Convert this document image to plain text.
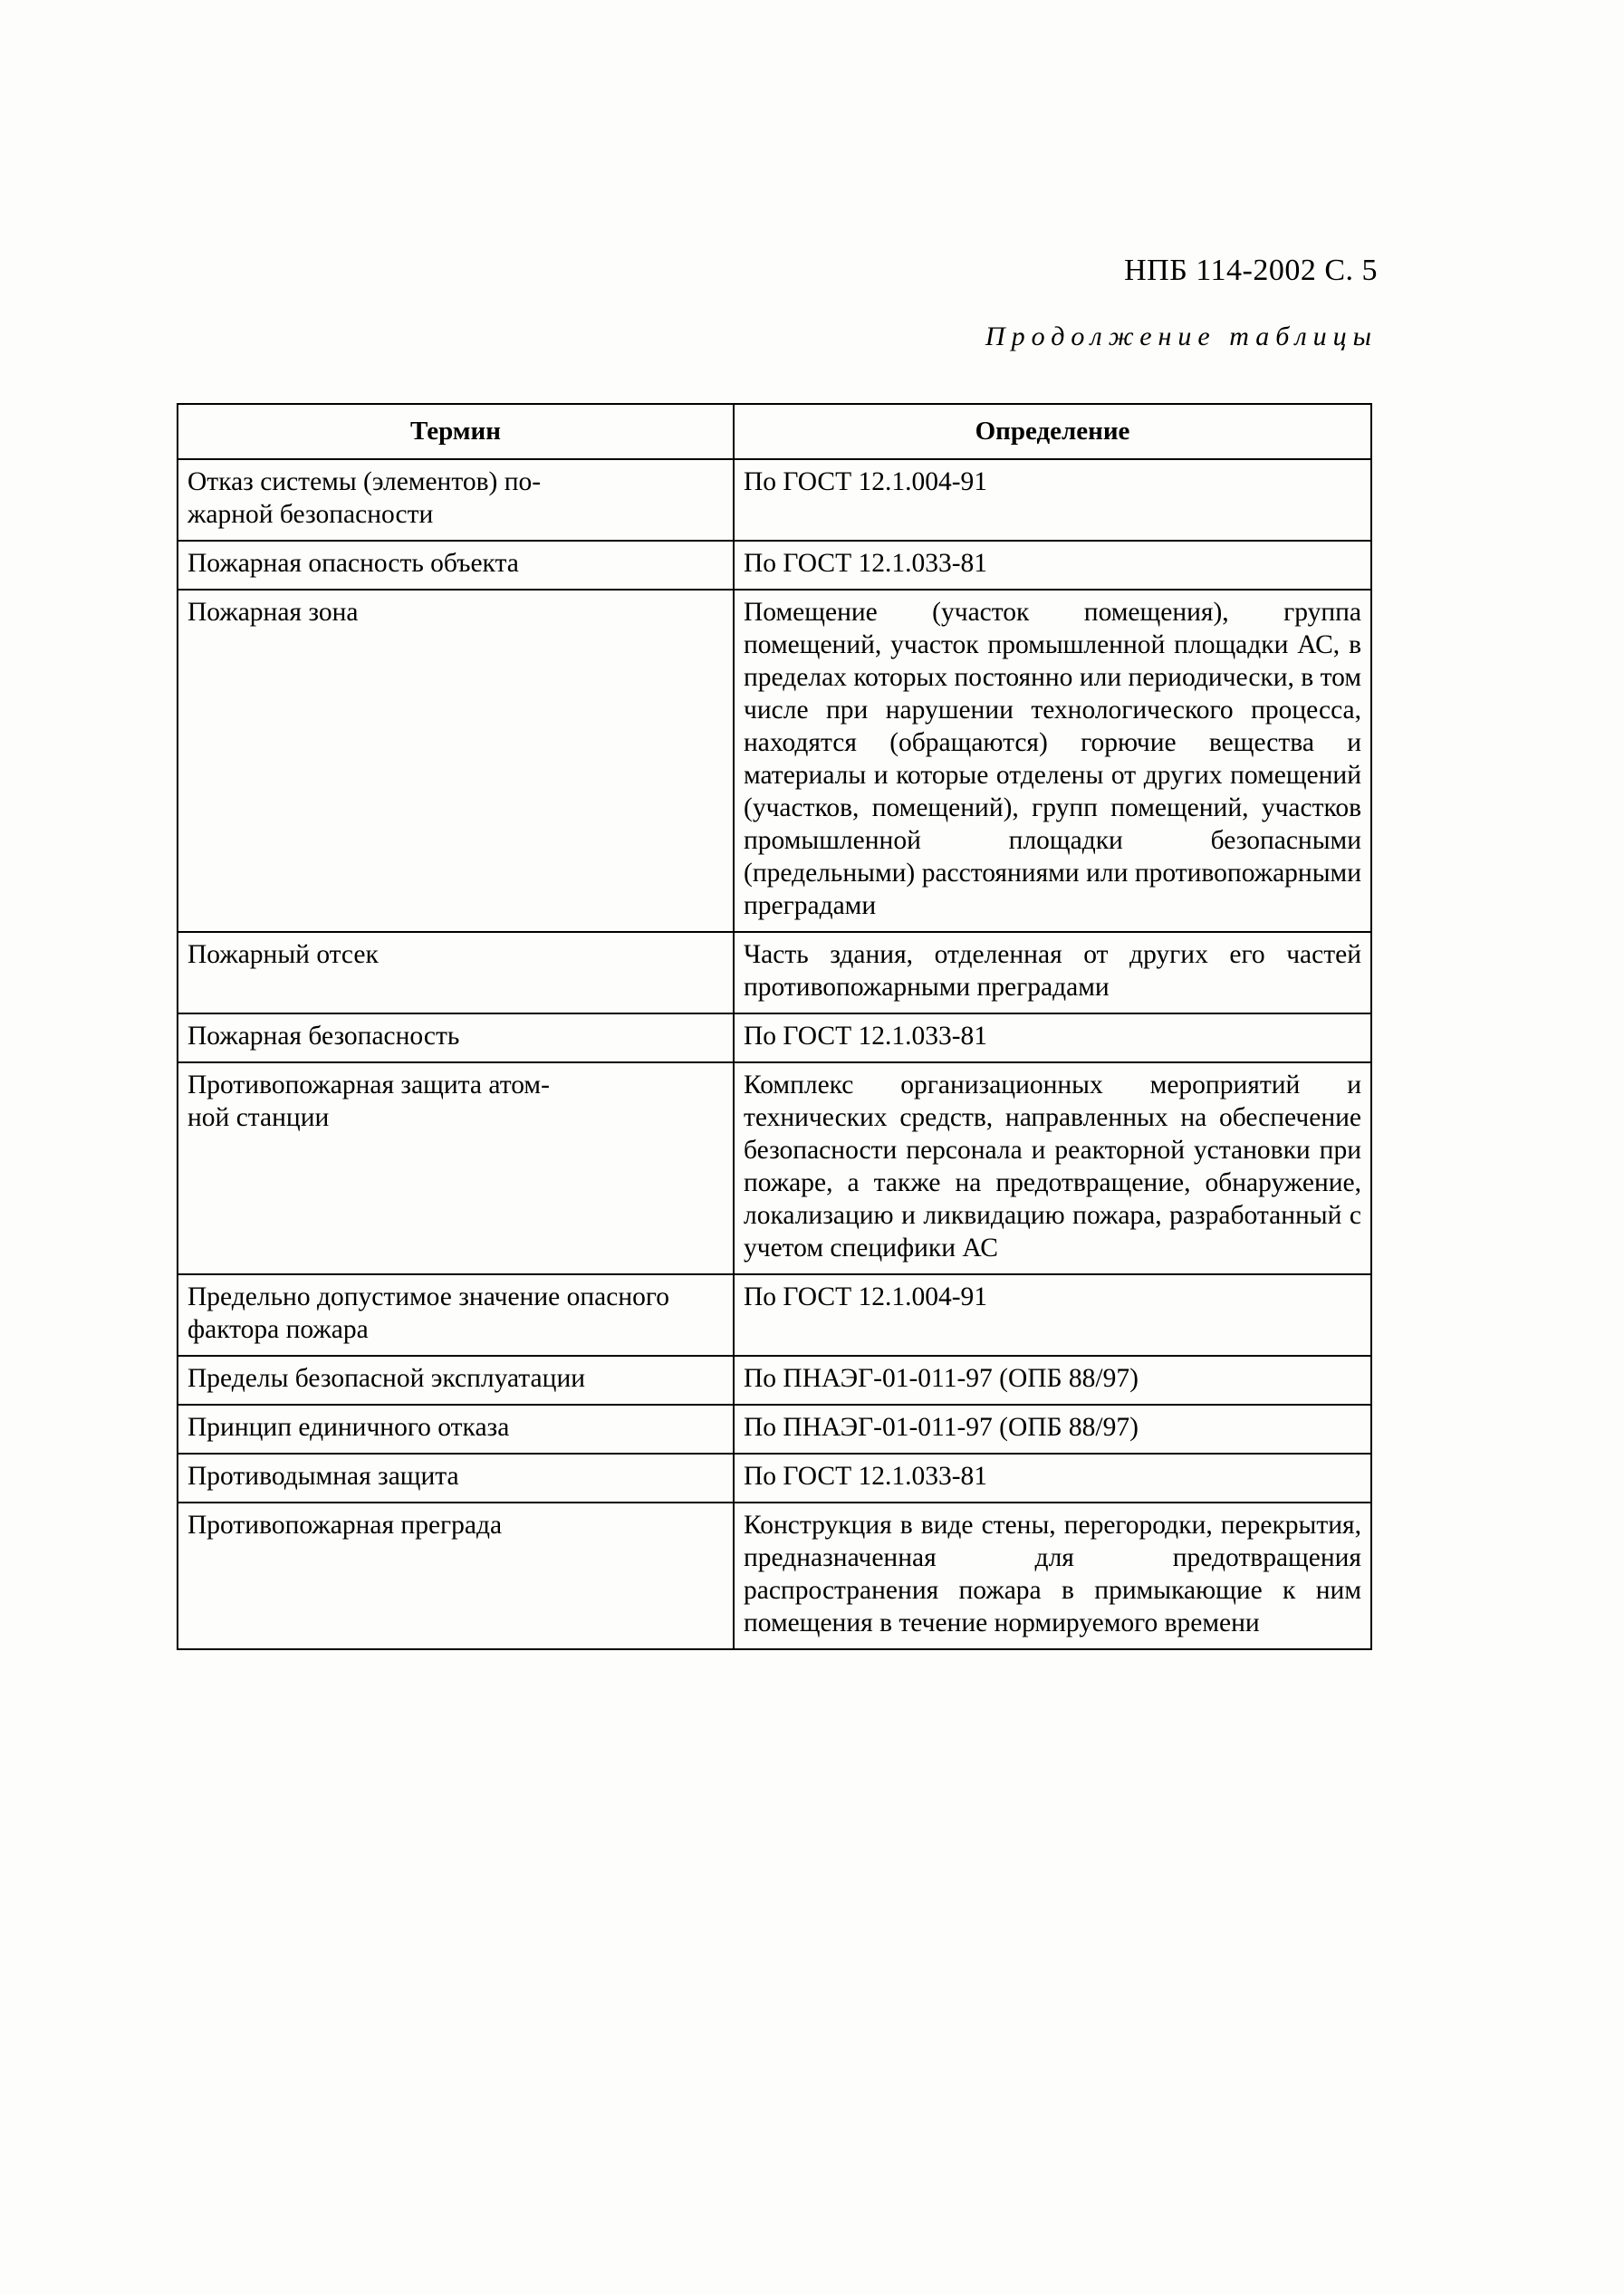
НПБ 114-2002 С. 5
Продолжение таблицы
Термин	Определение
Отказ системы (элементов) по-
жарной безопасности	По ГОСТ 12.1.004-91
Пожарная опасность объекта	По ГОСТ 12.1.033-81
Пожарная зона	Помещение (участок помещения), группа помещений, участок промышленной площадки АС, в пределах которых постоянно или периодически, в том числе при нарушении технологического процесса, находятся (обращаются) горючие вещества и материалы и которые отделены от других помещений (участков, помещений), групп помещений, участков промышленной площадки безопасными (предельными) расстояниями или противопожарными преградами
Пожарный отсек	Часть здания, отделенная от других его частей противопожарными преградами
Пожарная безопасность	По ГОСТ 12.1.033-81
Противопожарная защита атом-
ной станции	Комплекс организационных мероприятий и технических средств, направленных на обеспечение безопасности персонала и реакторной установки при пожаре, а также на предотвращение, обнаружение, локализацию и ликвидацию пожара, разработанный с учетом специфики АС
Предельно допустимое значение опасного фактора пожара	По ГОСТ 12.1.004-91
Пределы безопасной эксплуатации	По ПНАЭГ-01-011-97 (ОПБ 88/97)
Принцип единичного отказа	По ПНАЭГ-01-011-97 (ОПБ 88/97)
Противодымная защита	По ГОСТ 12.1.033-81
Противопожарная преграда	Конструкция в виде стены, перегородки, перекрытия, предназначенная для предотвращения распространения пожара в примыкающие к ним помещения в течение нормируемого времени
